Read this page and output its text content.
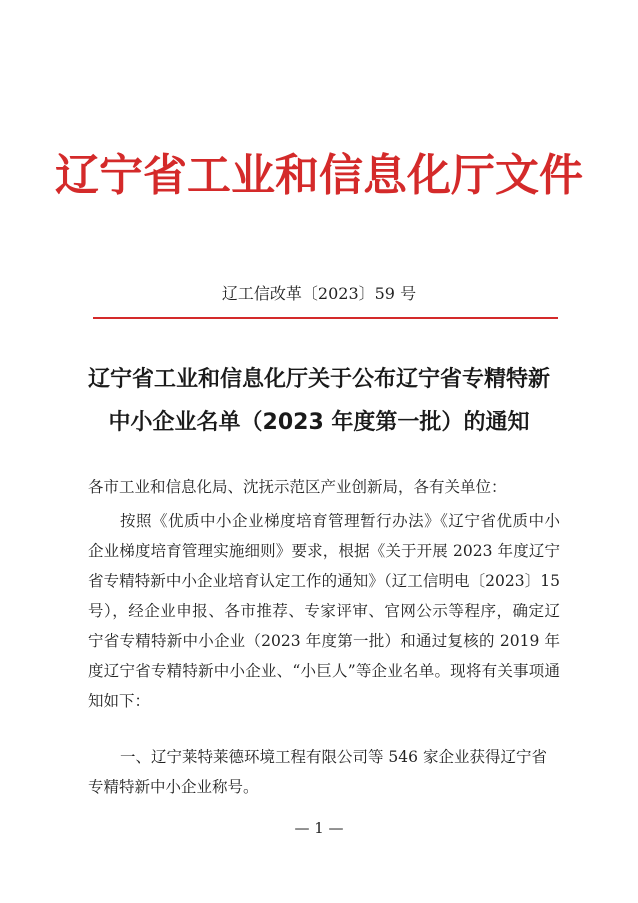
辽宁省工业和信息化厅文件
辽工信改革〔2023〕59 号
辽宁省工业和信息化厅关于公布辽宁省专精特新
中小企业名单（2023 年度第一批）的通知
各市工业和信息化局、沈抚示范区产业创新局，各有关单位：
按照《优质中小企业梯度培育管理暂行办法》《辽宁省优质中小企业梯度培育管理实施细则》要求，根据《关于开展 2023 年度辽宁省专精特新中小企业培育认定工作的通知》（辽工信明电〔2023〕15 号），经企业申报、各市推荐、专家评审、官网公示等程序，确定辽宁省专精特新中小企业（2023 年度第一批）和通过复核的 2019 年度辽宁省专精特新中小企业、“小巨人”等企业名单。现将有关事项通知如下：
一、辽宁莱特莱德环境工程有限公司等 546 家企业获得辽宁省专精特新中小企业称号。
— 1 —
